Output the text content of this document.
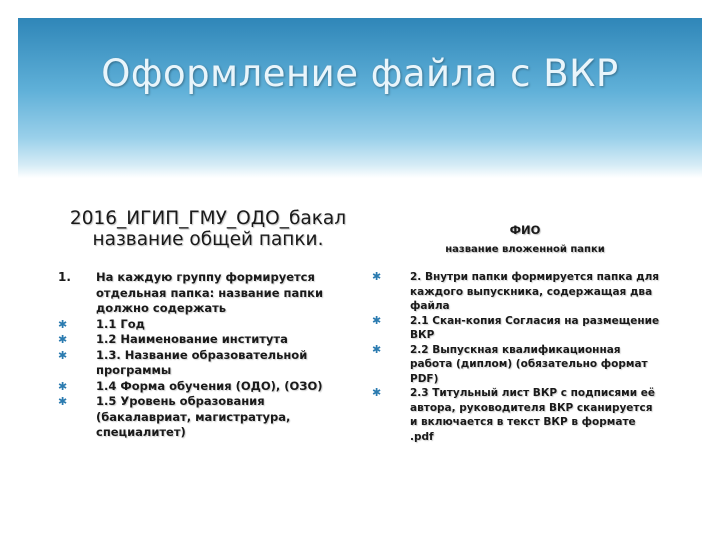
Оформление файла с ВКР
2016_ИГИП_ГМУ_ОДО_бакал
название общей папки.	ФИО
название вложенной папки
1. На каждую группу формируется отдельная папка: название папки должно содержать
✱	1.1 Год
✱	1.2 Наименование института
✱	1.3. Название образовательной программы
✱	1.4 Форма обучения (ОДО), (ОЗО)
✱	1.5 Уровень образования (бакалавриат, магистратура, специалитет)
✱	2. Внутри папки формируется папка для каждого выпускника, содержащая два файла
✱	2.1 Скан-копия Согласия на размещение ВКР
✱	2.2 Выпускная квалификационная работа (диплом) (обязательно формат PDF)
✱	2.3 Титульный лист ВКР с подписями её автора, руководителя ВКР сканируется и включается в текст ВКР в формате .pdf
